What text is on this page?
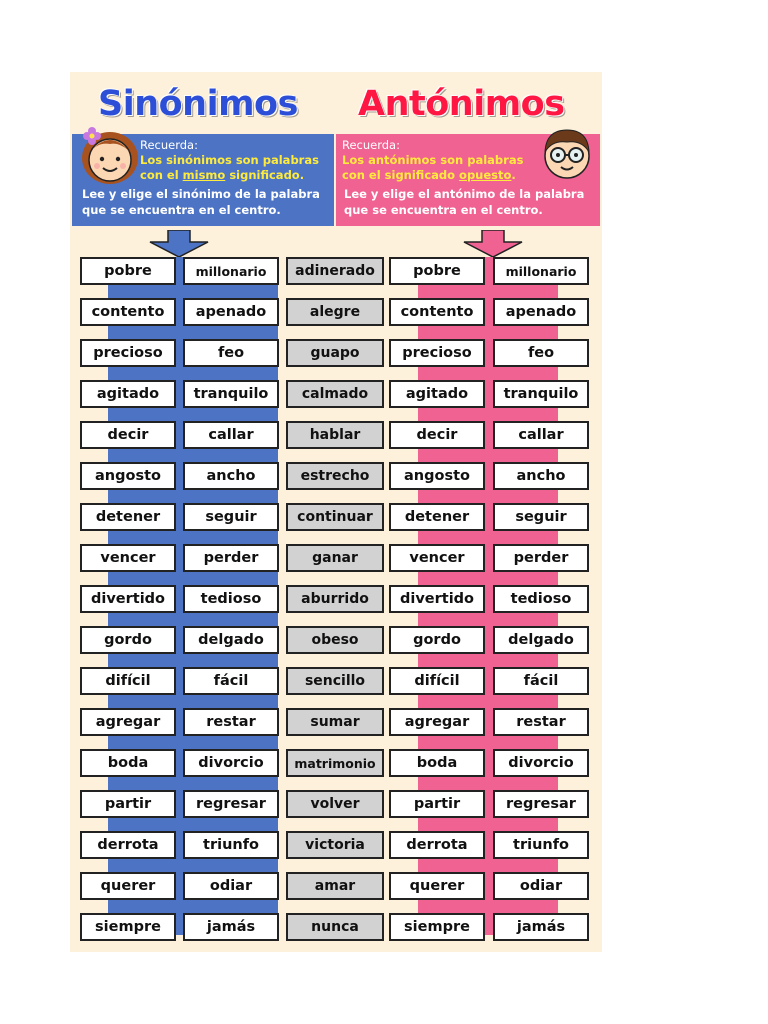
Sinónimos Antónimos
Recuerda:
Los sinónimos son palabras
con el mismo significado.
Lee y elige el sinónimo de la palabra
que se encuentra en el centro.
Recuerda:
Los antónimos son palabras
con el significado opuesto.
Lee y elige el antónimo de la palabra
que se encuentra en el centro.
pobre	millonario	adinerado	pobre	millonario
contento	apenado	alegre	contento	apenado
precioso	feo	guapo	precioso	feo
agitado	tranquilo	calmado	agitado	tranquilo
decir	callar	hablar	decir	callar
angosto	ancho	estrecho	angosto	ancho
detener	seguir	continuar	detener	seguir
vencer	perder	ganar	vencer	perder
divertido	tedioso	aburrido	divertido	tedioso
gordo	delgado	obeso	gordo	delgado
difícil	fácil	sencillo	difícil	fácil
agregar	restar	sumar	agregar	restar
boda	divorcio	matrimonio	boda	divorcio
partir	regresar	volver	partir	regresar
derrota	triunfo	victoria	derrota	triunfo
querer	odiar	amar	querer	odiar
siempre	jamás	nunca	siempre	jamás
